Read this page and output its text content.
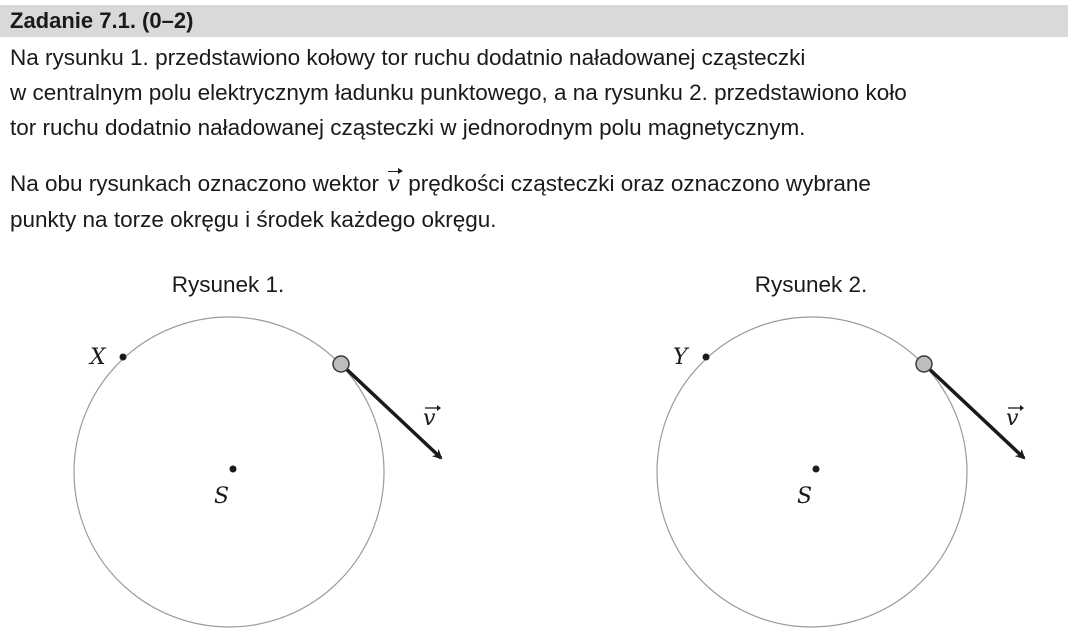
Zadanie 7.1. (0–2)

Na rysunku 1. przedstawiono kołowy tor ruchu dodatnio naładowanej cząsteczki
w centralnym polu elektrycznym ładunku punktowego, a na rysunku 2. przedstawiono koło
tor ruchu dodatnio naładowanej cząsteczki w jednorodnym polu magnetycznym.

Na obu rysunkach oznaczono wektor v prędkości cząsteczki oraz oznaczono wybrane
punkty na torze okręgu i środek każdego okręgu.

Rysunek 1.
X
S
v
Rysunek 2.
Y
S
v
